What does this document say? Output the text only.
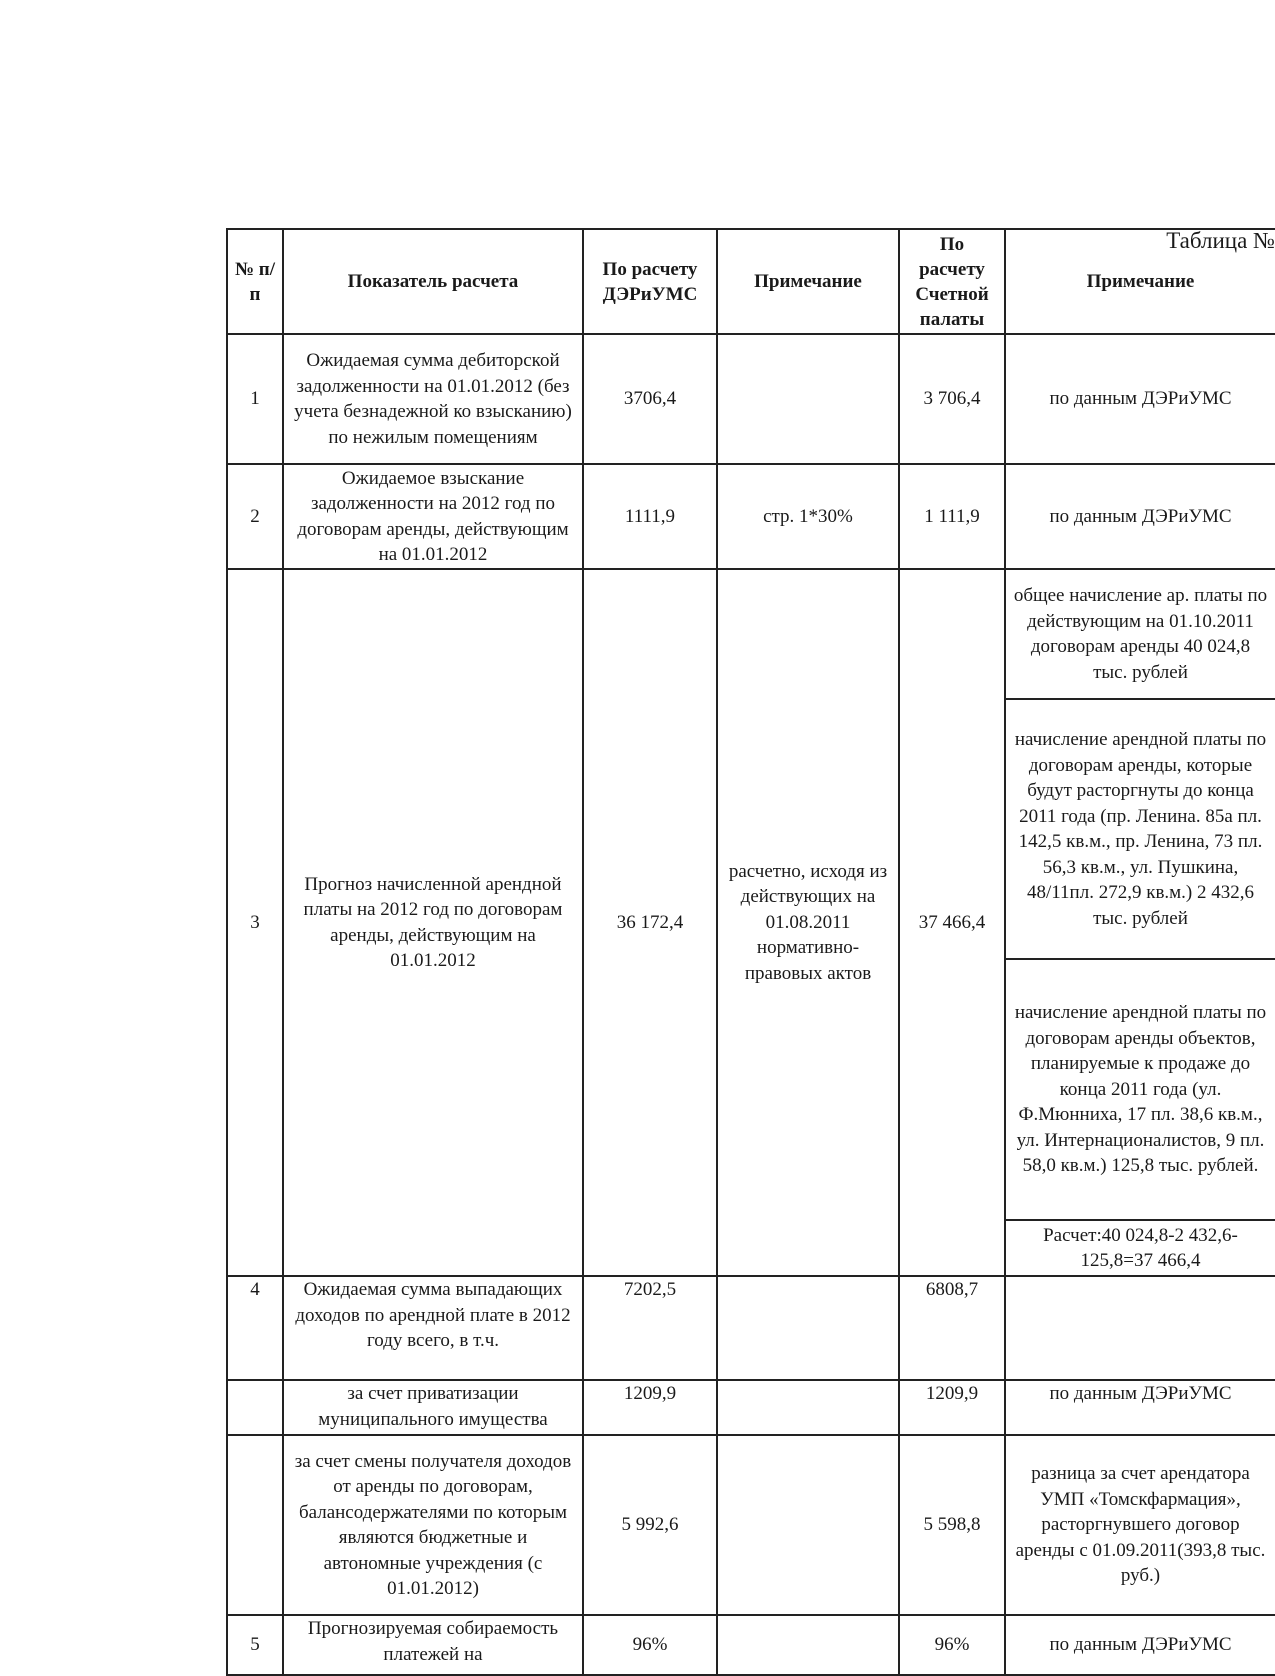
Таблица №
№ п/п	Показатель расчета	По расчету ДЭРиУМС	Примечание	По расчету Счетной палаты	Примечание
1	Ожидаемая сумма дебиторской задолженности на 01.01.2012 (без учета безнадежной ко взысканию) по нежилым помещениям	3706,4		3 706,4	по данным ДЭРиУМС
2	Ожидаемое взыскание задолженности на 2012 год по договорам аренды, действующим на 01.01.2012	1111,9	стр. 1*30%	1 111,9	по данным ДЭРиУМС
3	Прогноз начисленной арендной платы на 2012 год по договорам аренды, действующим на 01.01.2012	36 172,4	расчетно, исходя из действующих на 01.08.2011 нормативно-правовых актов	37 466,4	общее начисление ар. платы по действующим на 01.10.2011 договорам аренды 40 024,8 тыс. рублей
начисление арендной платы по договорам аренды, которые будут расторгнуты до конца 2011 года (пр. Ленина. 85а пл. 142,5 кв.м., пр. Ленина, 73 пл. 56,3 кв.м., ул. Пушкина, 48/11пл. 272,9 кв.м.) 2 432,6 тыс. рублей
начисление арендной платы по договорам аренды объектов, планируемые к продаже до конца 2011 года (ул. Ф.Мюнниха, 17 пл. 38,6 кв.м., ул. Интернационалистов, 9 пл. 58,0 кв.м.) 125,8 тыс. рублей.
Расчет:40 024,8-2 432,6-125,8=37 466,4

4	Ожидаемая сумма выпадающих доходов по арендной плате в 2012 году всего, в т.ч.	7202,5		6808,7	
	за счет приватизации муниципального имущества	1209,9		1209,9	по данным ДЭРиУМС
	за счет смены получателя доходов от аренды по договорам, балансодержателями по которым являются бюджетные и автономные учреждения (с 01.01.2012)	5 992,6		5 598,8	разница за счет арендатора УМП «Томскфармация», расторгнувшего договор аренды с 01.09.2011(393,8 тыс. руб.)
5	Прогнозируемая собираемость платежей на	96%		96%	по данным ДЭРиУМС
